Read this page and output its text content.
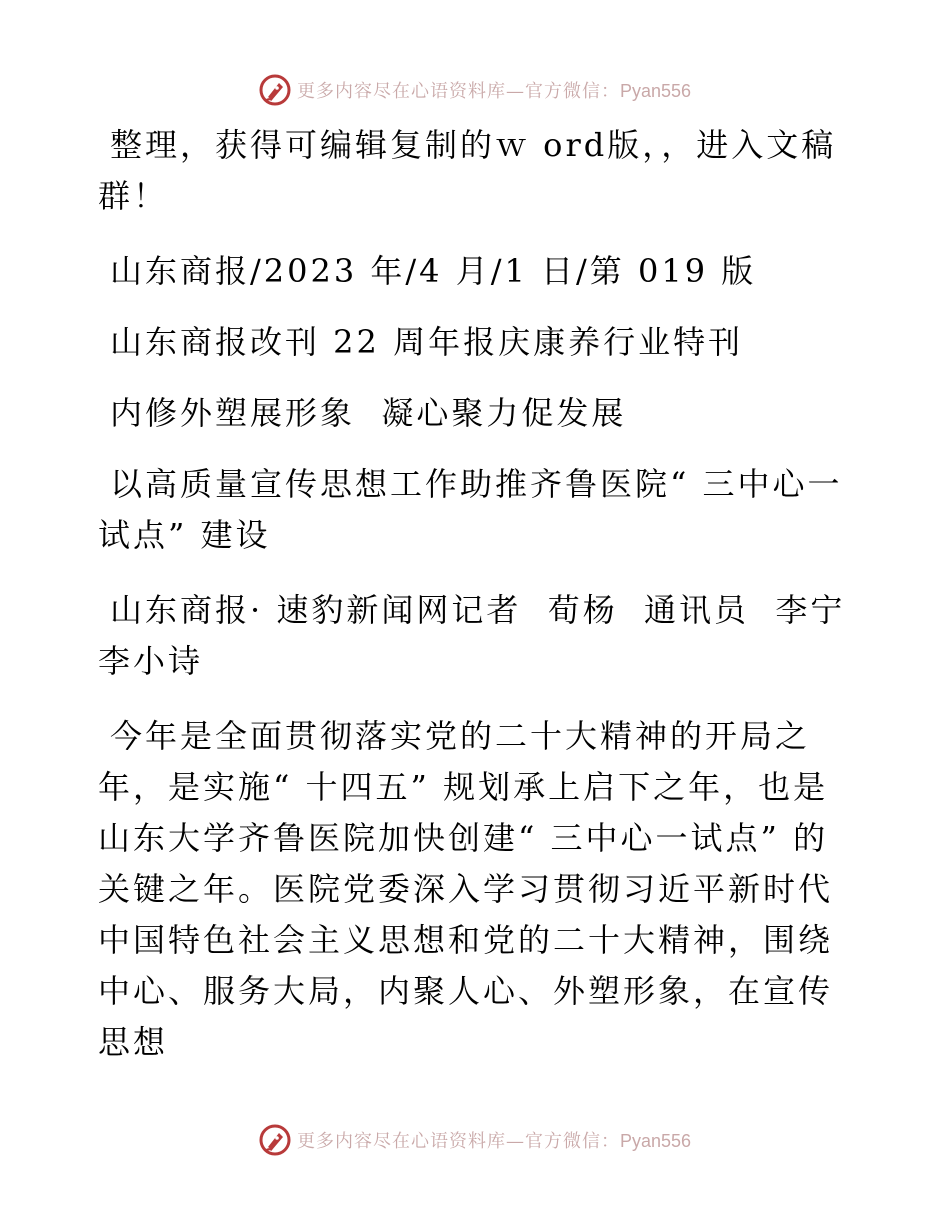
更多内容尽在心语资料库—官方微信：Pyan556

整理，获得可编辑复制的ｗ ord版，，进入文稿群！

山东商报/2023 年/4 月/1 日/第 019 版

山东商报改刊 22 周年报庆康养行业特刊

内修外塑展形象  凝心聚力促发展

以高质量宣传思想工作助推齐鲁医院“ 三中心一试点” 建设

山东商报· 速豹新闻网记者  荀杨  通讯员  李宁  李小诗

今年是全面贯彻落实党的二十大精神的开局之年，是实施“ 十四五” 规划承上启下之年，也是山东大学齐鲁医院加快创建“ 三中心一试点” 的关键之年。医院党委深入学习贯彻习近平新时代中国特色社会主义思想和党的二十大精神，围绕中心、服务大局，内聚人心、外塑形象，在宣传思想

更多内容尽在心语资料库—官方微信：Pyan556
